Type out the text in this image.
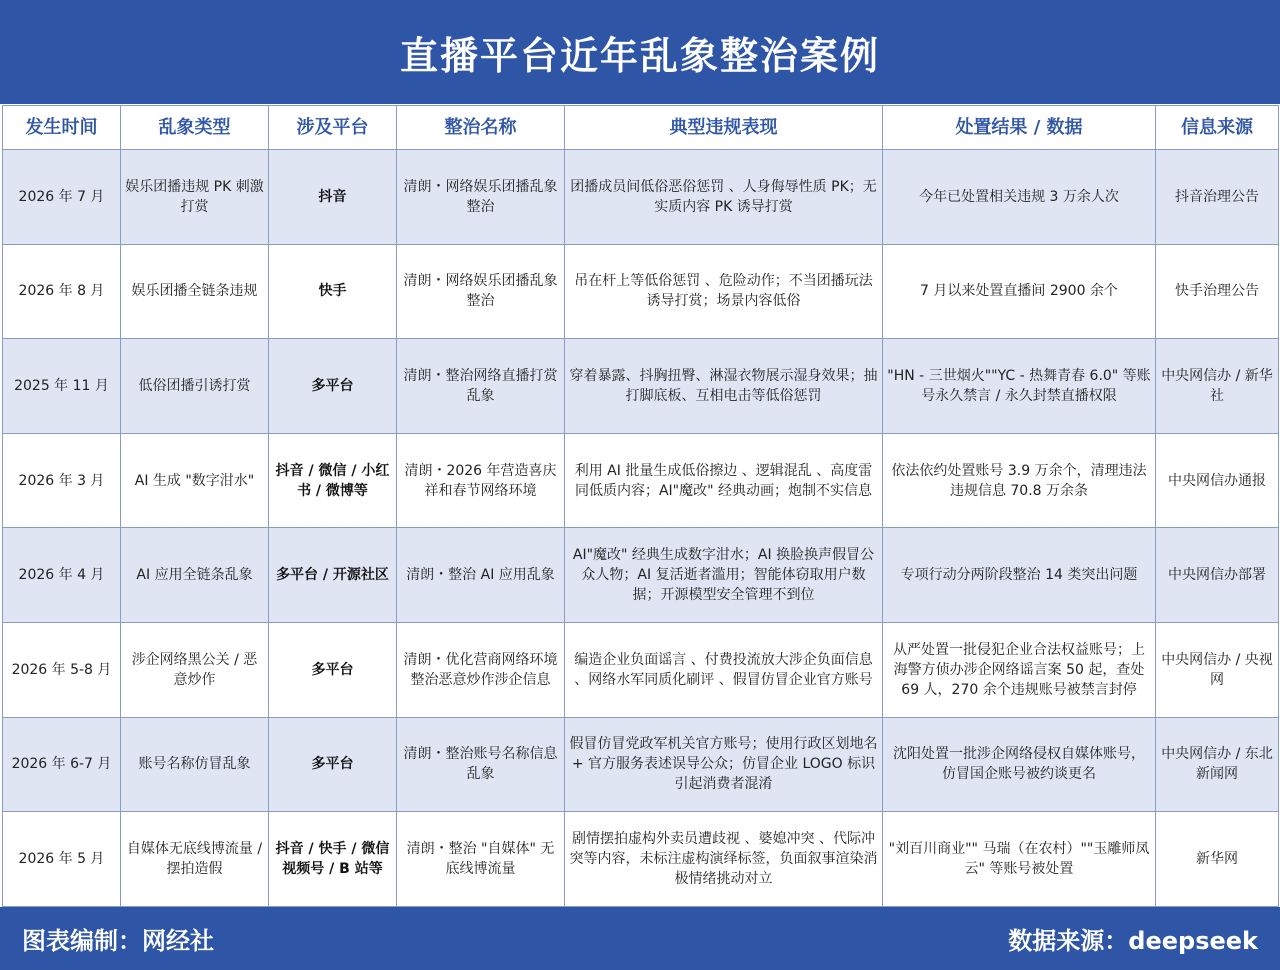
直播平台近年乱象整治案例
发生时间	乱象类型	涉及平台	整治名称	典型违规表现	处置结果 / 数据	信息来源
2026 年 7 月	娱乐团播违规 PK 刺激打赏	抖音	清朗・网络娱乐团播乱象整治	团播成员间低俗恶俗惩罚 、人身侮辱性质 PK；无实质内容 PK 诱导打赏	今年已处置相关违规 3 万余人次	抖音治理公告
2026 年 8 月	娱乐团播全链条违规	快手	清朗・网络娱乐团播乱象整治	吊在杆上等低俗惩罚 、危险动作；不当团播玩法诱导打赏；场景内容低俗	7 月以来处置直播间 2900 余个	快手治理公告
2025 年 11 月	低俗团播引诱打赏	多平台	清朗・整治网络直播打赏乱象	穿着暴露、抖胸扭臀、淋湿衣物展示湿身效果；抽打脚底板、互相电击等低俗惩罚	"HN - 三世烟火""YC - 热舞青春 6.0" 等账号永久禁言 / 永久封禁直播权限	中央网信办 / 新华社
2026 年 3 月	AI 生成 "数字泔水"	抖音 / 微信 / 小红书 / 微博等	清朗・2026 年营造喜庆祥和春节网络环境	利用 AI 批量生成低俗擦边 、逻辑混乱 、高度雷同低质内容；AI"魔改" 经典动画；炮制不实信息	依法依约处置账号 3.9 万余个，清理违法违规信息 70.8 万余条	中央网信办通报
2026 年 4 月	AI 应用全链条乱象	多平台 / 开源社区	清朗・整治 AI 应用乱象	AI"魔改" 经典生成数字泔水；AI 换脸换声假冒公众人物；AI 复活逝者滥用；智能体窃取用户数据；开源模型安全管理不到位	专项行动分两阶段整治 14 类突出问题	中央网信办部署
2026 年 5-8 月	涉企网络黑公关 / 恶意炒作	多平台	清朗・优化营商网络环境整治恶意炒作涉企信息	编造企业负面谣言 、付费投流放大涉企负面信息 、网络水军同质化刷评 、假冒仿冒企业官方账号	从严处置一批侵犯企业合法权益账号；上海警方侦办涉企网络谣言案 50 起，查处 69 人，270 余个违规账号被禁言封停	中央网信办 / 央视网
2026 年 6-7 月	账号名称仿冒乱象	多平台	清朗・整治账号名称信息乱象	假冒仿冒党政军机关官方账号；使用行政区划地名 + 官方服务表述误导公众；仿冒企业 LOGO 标识引起消费者混淆	沈阳处置一批涉企网络侵权自媒体账号，仿冒国企账号被约谈更名	中央网信办 / 东北新闻网
2026 年 5 月	自媒体无底线博流量 / 摆拍造假	抖音 / 快手 / 微信视频号 / B 站等	清朗・整治 "自媒体" 无底线博流量	剧情摆拍虚构外卖员遭歧视 、婆媳冲突 、代际冲突等内容，未标注虚构演绎标签，负面叙事渲染消极情绪挑动对立	"刘百川商业"" 马瑞（在农村）""玉雕师凤云" 等账号被处置	新华网
图表编制：网经社	数据来源：deepseek
